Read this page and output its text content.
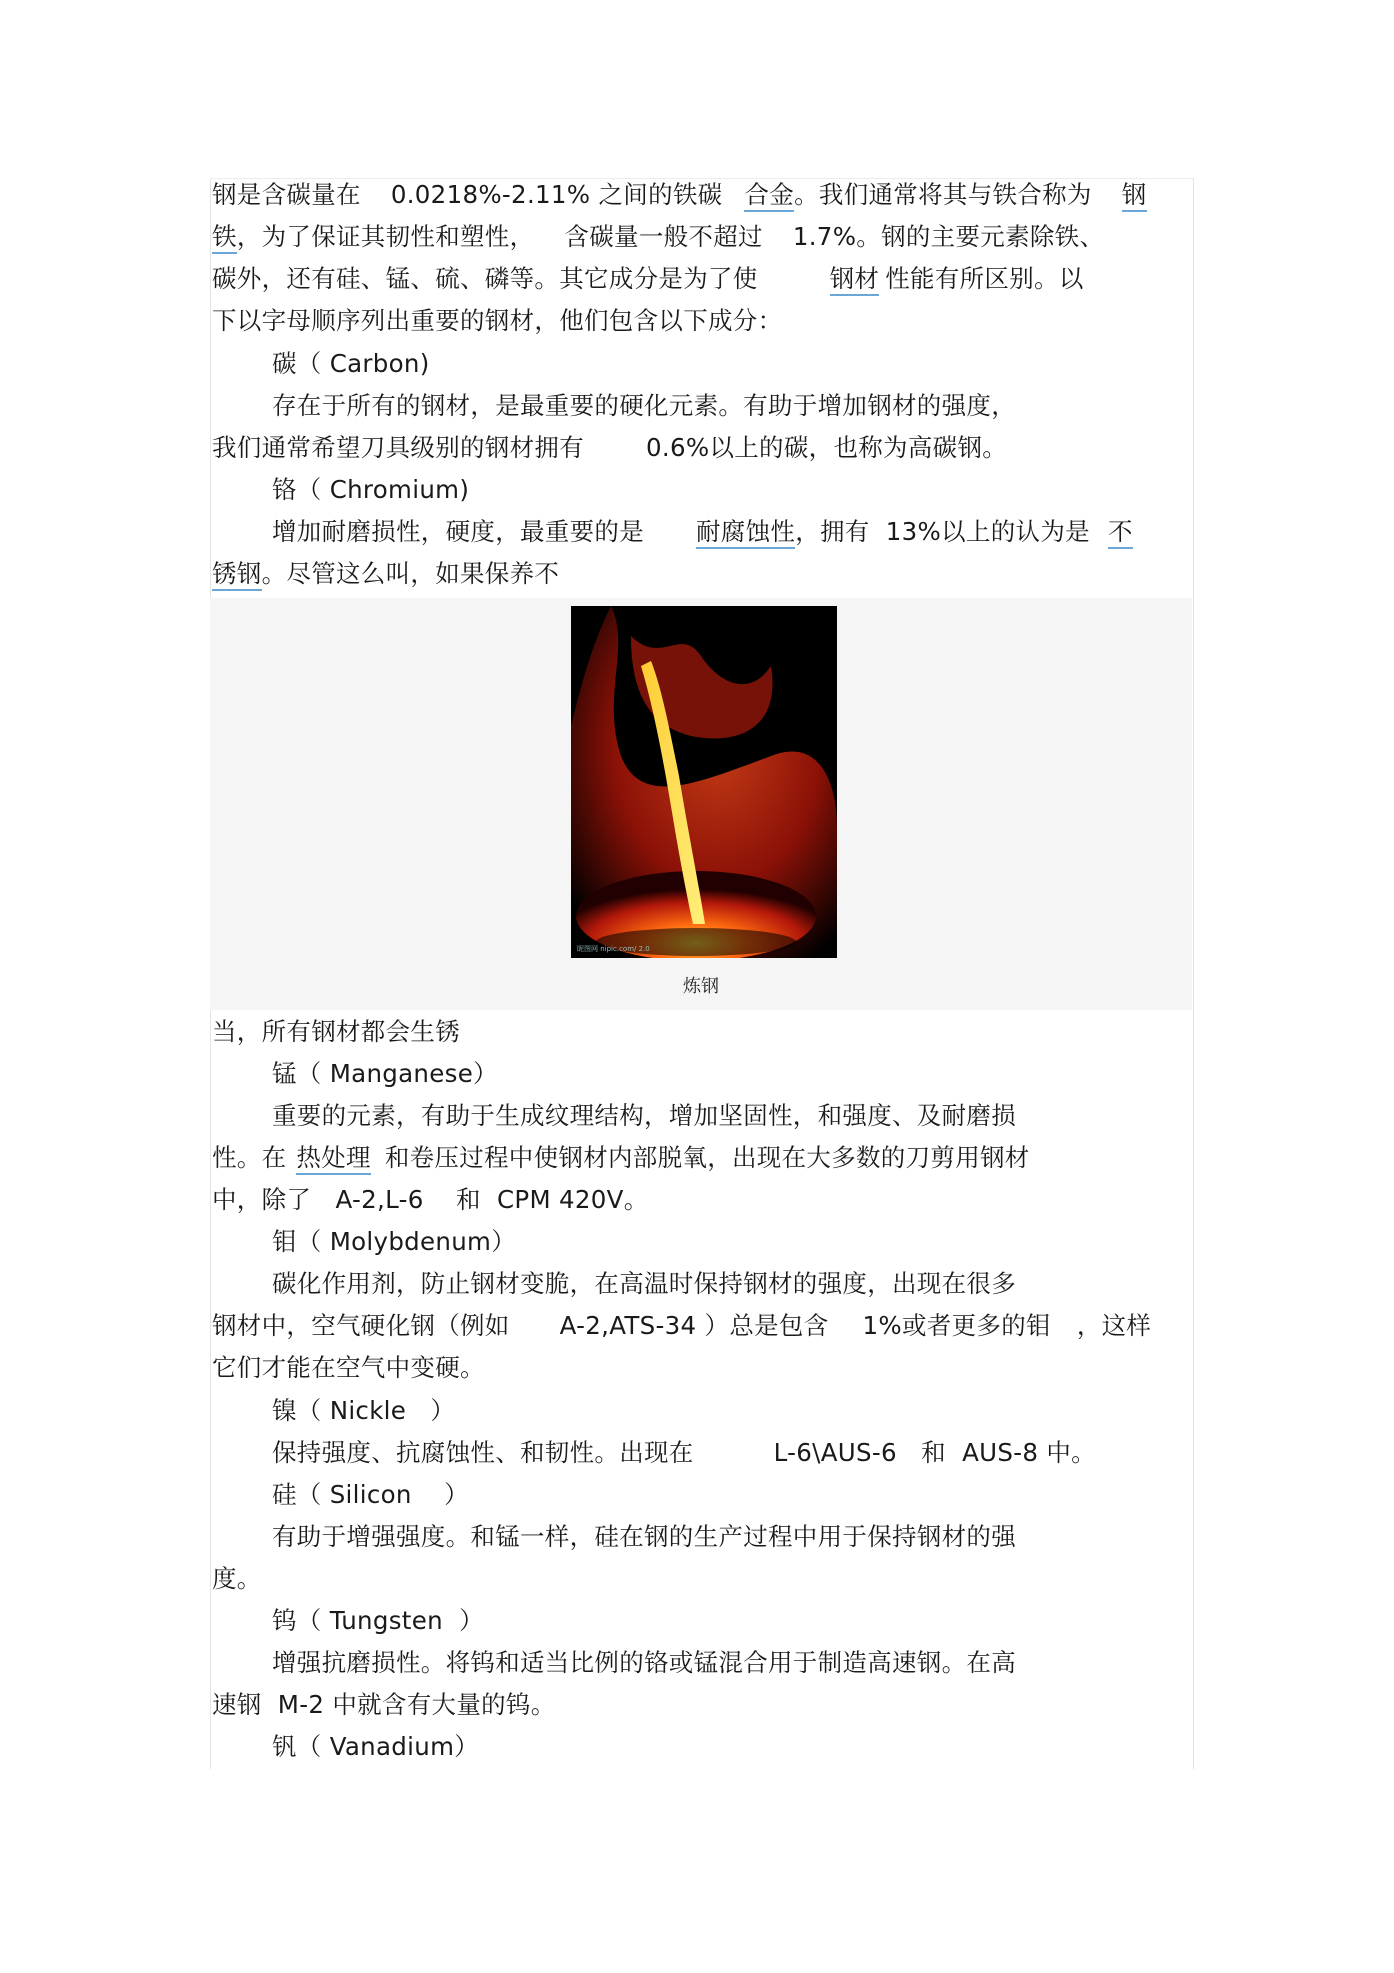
钢是含碳量在 0.0218%-2.11% 之间的铁碳 合金。我们通常将其与铁合称为 钢
铁，为了保证其韧性和塑性， 含碳量一般不超过 1.7%。钢的主要元素除铁、
碳外，还有硅、锰、硫、磷等。其它成分是为了使	钢材 性能有所区别。以
下以字母顺序列出重要的钢材，他们包含以下成分：
碳（ Carbon)
存在于所有的钢材，是最重要的硬化元素。有助于增加钢材的强度，
我们通常希望刀具级别的钢材拥有	0.6%以上的碳，也称为高碳钢。
铬（ Chromium)
增加耐磨损性，硬度，最重要的是 耐腐蚀性，拥有  13%以上的认为是 不
锈钢。尽管这么叫，如果保养不
昵图网 nipic.com/ 2.0
炼钢
当，所有钢材都会生锈
锰（ Manganese）
重要的元素，有助于生成纹理结构，增加坚固性，和强度、及耐磨损
性。在 热处理 和卷压过程中使钢材内部脱氧，出现在大多数的刀剪用钢材
中，除了   A-2,L-6    和  CPM 420V。
钼（ Molybdenum）
碳化作用剂，防止钢材变脆，在高温时保持钢材的强度，出现在很多
钢材中，空气硬化钢（例如 A-2,ATS-34 ）总是包含 1%或者更多的钼 ，这样
它们才能在空气中变硬。
镍（ Nickle   ）
保持强度、抗腐蚀性、和韧性。出现在	L-6\AUS-6   和  AUS-8 中。
硅（ Silicon    ）
有助于增强强度。和锰一样，硅在钢的生产过程中用于保持钢材的强
度。
钨（ Tungsten  ）
增强抗磨损性。将钨和适当比例的铬或锰混合用于制造高速钢。在高
速钢  M-2 中就含有大量的钨。
钒（ Vanadium）
